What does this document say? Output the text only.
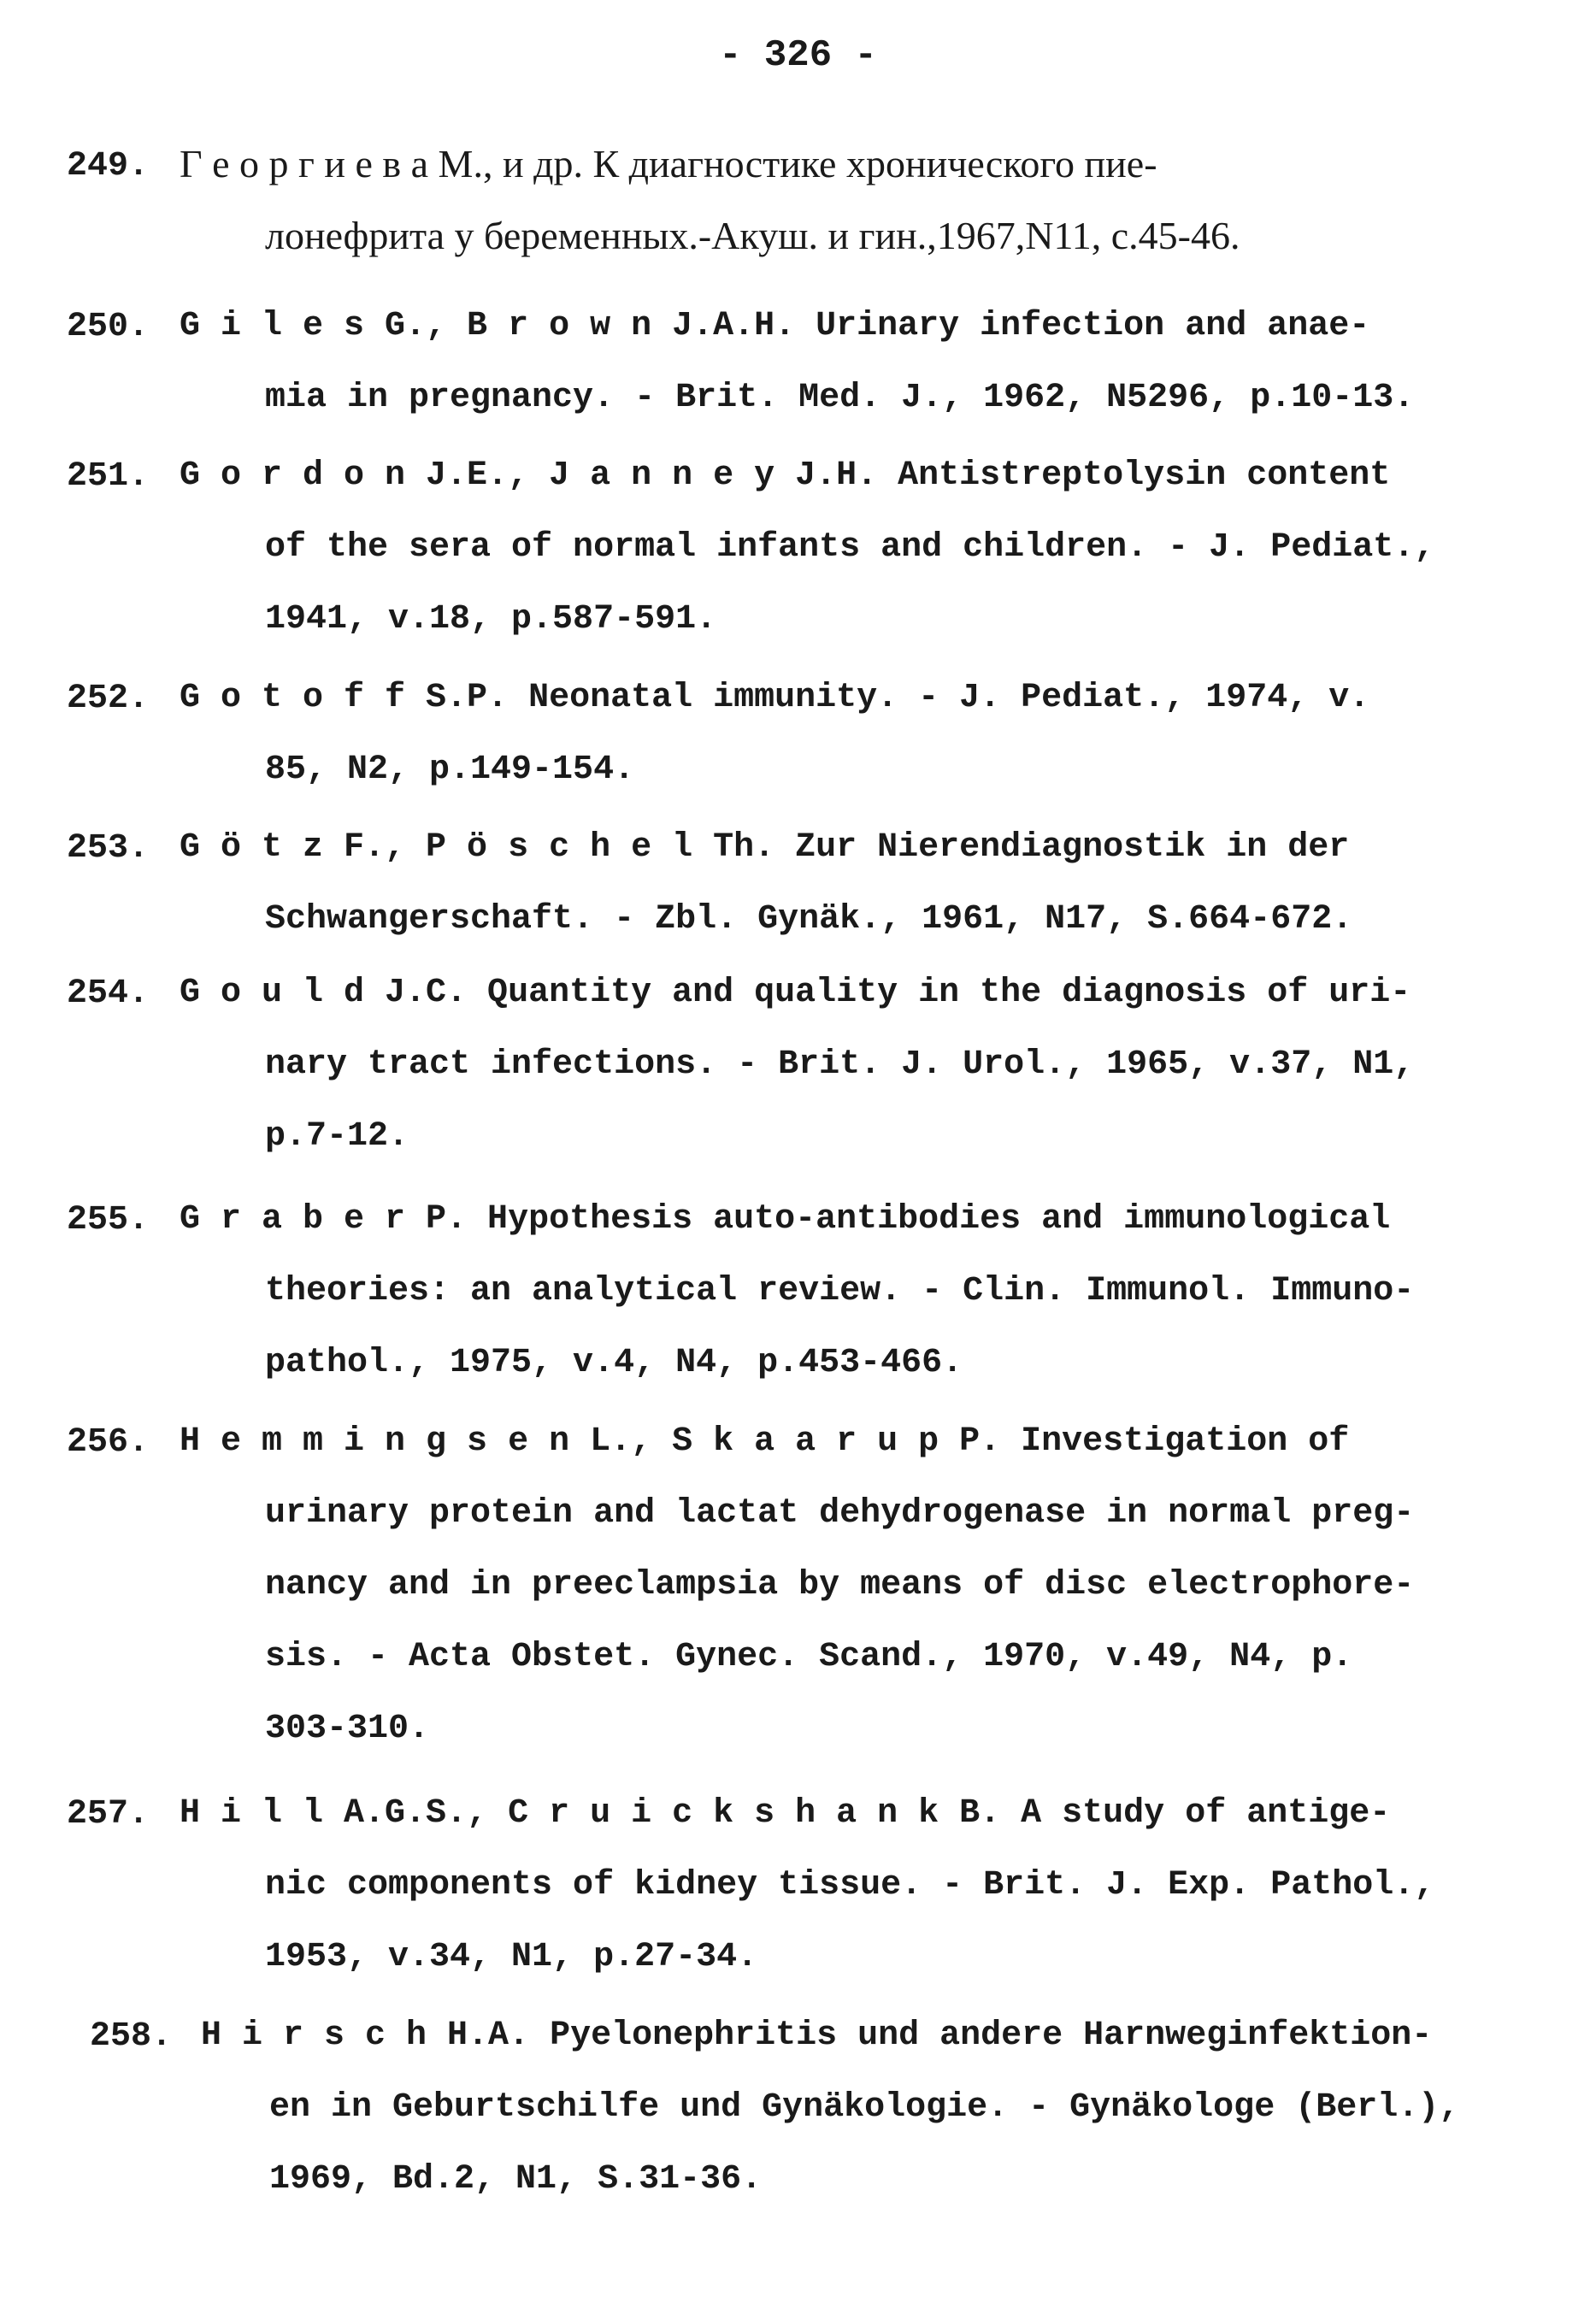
- 326 -
249. Г е о р г и е в а М., и др. К диагностике хронического пие-
лонефрита у беременных.-Акуш. и гин.,1967,N11, с.45-46.
250. G i l e s G., B r o w n J.A.H. Urinary infection and anae-
mia in pregnancy. - Brit. Med. J., 1962, N5296, p.10-13.
251. G o r d o n J.E., J a n n e y J.H. Antistreptolysin content
of the sera of normal infants and children. - J. Pediat.,
1941, v.18, p.587-591.
252. G o t o f f S.P. Neonatal immunity. - J. Pediat., 1974, v.
85, N2, p.149-154.
253. G ö t z F., P ö s c h e l Th. Zur Nierendiagnostik in der
Schwangerschaft. - Zbl. Gynäk., 1961, N17, S.664-672.
254. G o u l d J.C. Quantity and quality in the diagnosis of uri-
nary tract infections. - Brit. J. Urol., 1965, v.37, N1,
p.7-12.
255. G r a b e r P. Hypothesis auto-antibodies and immunological
theories: an analytical review. - Clin. Immunol. Immuno-
pathol., 1975, v.4, N4, p.453-466.
256. H e m m i n g s e n L., S k a a r u p P. Investigation of
urinary protein and lactat dehydrogenase in normal preg-
nancy and in preeclampsia by means of disc electrophore-
sis. - Acta Obstet. Gynec. Scand., 1970, v.49, N4, p.
303-310.
257. H i l l A.G.S., C r u i c k s h a n k B. A study of antige-
nic components of kidney tissue. - Brit. J. Exp. Pathol.,
1953, v.34, N1, p.27-34.
258. H i r s c h H.A. Pyelonephritis und andere Harnweginfektion-
en in Geburtschilfe und Gynäkologie. - Gynäkologe (Berl.),
1969, Bd.2, N1, S.31-36.
